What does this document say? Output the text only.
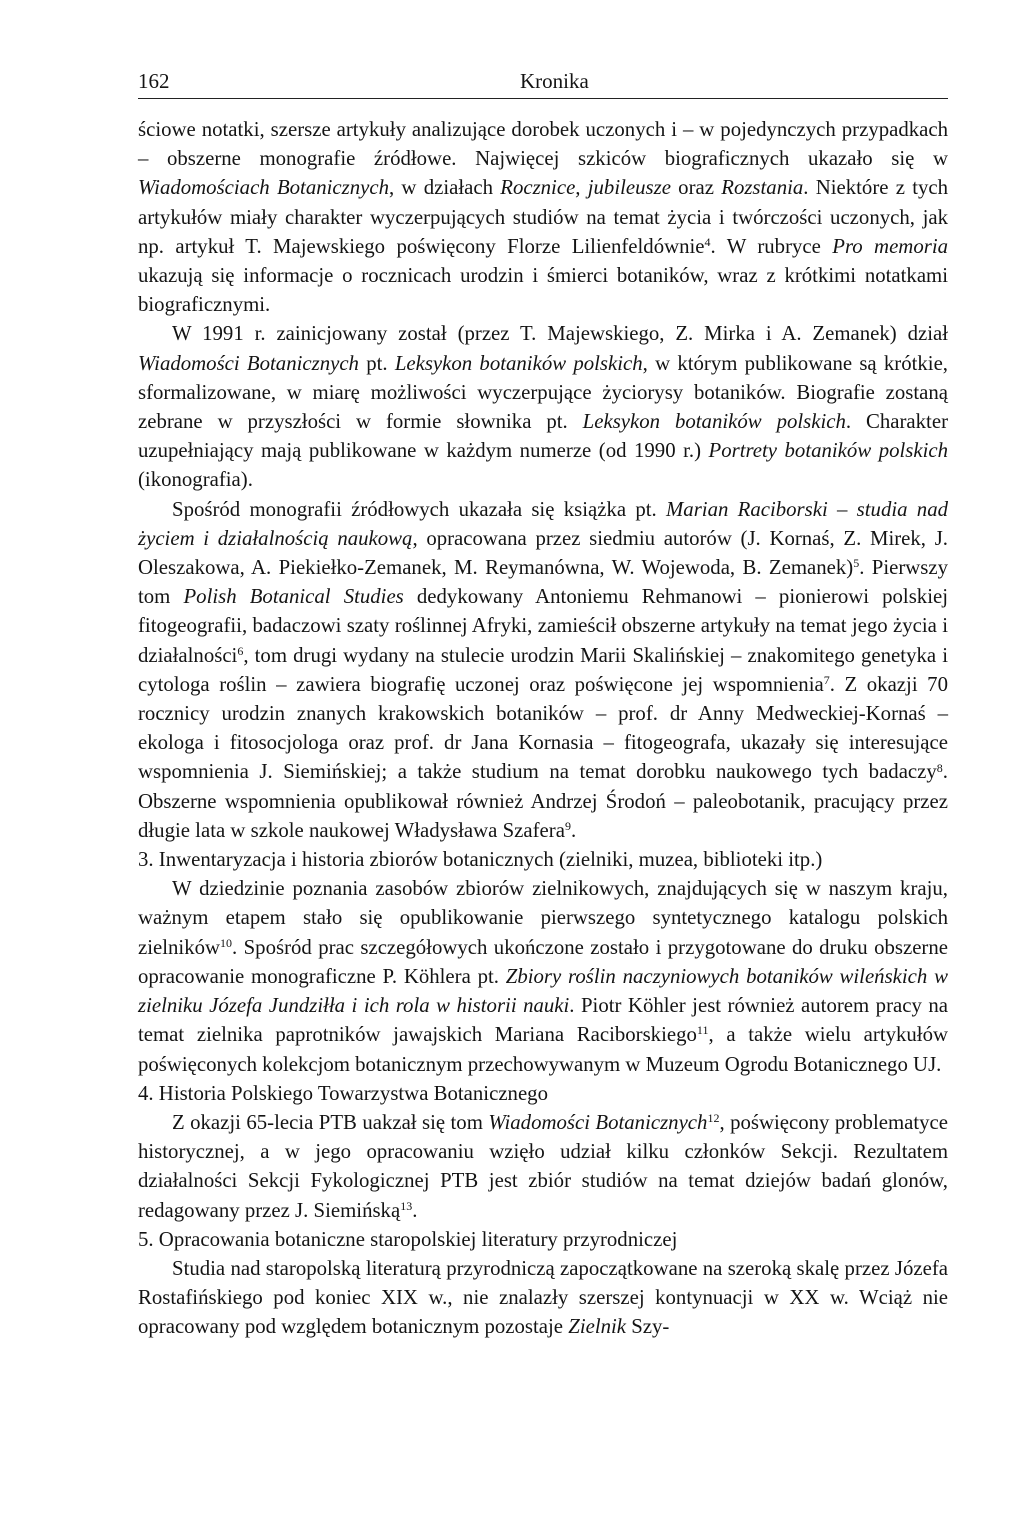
162	Kronika

ściowe notatki, szersze artykuły analizujące dorobek uczonych i – w pojedynczych przypadkach – obszerne monografie źródłowe. Najwięcej szkiców biograficznych ukazało się w Wiadomościach Botanicznych, w działach Rocznice, jubileusze oraz Rozstania. Niektóre z tych artykułów miały charakter wyczerpujących studiów na temat życia i twórczości uczonych, jak np. artykuł T. Majewskiego poświęcony Florze Lilienfeldównie$^4$. W rubryce Pro memoria ukazują się informacje o rocznicach urodzin i śmierci botaników, wraz z krótkimi notatkami biograficznymi.

W 1991 r. zainicjowany został (przez T. Majewskiego, Z. Mirka i A. Zemanek) dział Wiadomości Botanicznych pt. Leksykon botaników polskich, w którym publikowane są krótkie, sformalizowane, w miarę możliwości wyczerpujące życiorysy botaników. Biografie zostaną zebrane w przyszłości w formie słownika pt. Leksykon botaników polskich. Charakter uzupełniający mają publikowane w każdym numerze (od 1990 r.) Portrety botaników polskich (ikonografia).

Spośród monografii źródłowych ukazała się książka pt. Marian Raciborski – studia nad życiem i działalnością naukową, opracowana przez siedmiu autorów (J. Kornaś, Z. Mirek, J. Oleszakowa, A. Piekiełko-Zemanek, M. Reymanówna, W. Wojewoda, B. Zemanek)$^5$. Pierwszy tom Polish Botanical Studies dedykowany Antoniemu Rehmanowi – pionierowi polskiej fitogeografii, badaczowi szaty roślinnej Afryki, zamieścił obszerne artykuły na temat jego życia i działalności$^6$, tom drugi wydany na stulecie urodzin Marii Skalińskiej – znakomitego genetyka i cytologa roślin – zawiera biografię uczonej oraz poświęcone jej wspomnienia$^7$. Z okazji 70 rocznicy urodzin znanych krakowskich botaników – prof. dr Anny Medweckiej-Kornaś – ekologa i fitosocjologa oraz prof. dr Jana Kornasia – fitogeografa, ukazały się interesujące wspomnienia J. Siemińskiej; a także studium na temat dorobku naukowego tych badaczy$^8$. Obszerne wspomnienia opublikował również Andrzej Środoń – paleobotanik, pracujący przez długie lata w szkole naukowej Władysława Szafera$^9$.

3. Inwentaryzacja i historia zbiorów botanicznych (zielniki, muzea, biblioteki itp.)

W dziedzinie poznania zasobów zbiorów zielnikowych, znajdujących się w naszym kraju, ważnym etapem stało się opublikowanie pierwszego syntetycznego katalogu polskich zielników$^{10}$. Spośród prac szczegółowych ukończone zostało i przygotowane do druku obszerne opracowanie monograficzne P. Köhlera pt. Zbiory roślin naczyniowych botaników wileńskich w zielniku Józefa Jundziłła i ich rola w historii nauki. Piotr Köhler jest również autorem pracy na temat zielnika paprotników jawajskich Mariana Raciborskiego$^{11}$, a także wielu artykułów poświęconych kolekcjom botanicznym przechowywanym w Muzeum Ogrodu Botanicznego UJ.

4. Historia Polskiego Towarzystwa Botanicznego

Z okazji 65-lecia PTB uakzał się tom Wiadomości Botanicznych$^{12}$, poświęcony problematyce historycznej, a w jego opracowaniu wzięło udział kilku członków Sekcji. Rezultatem działalności Sekcji Fykologicznej PTB jest zbiór studiów na temat dziejów badań glonów, redagowany przez J. Siemińską$^{13}$.

5. Opracowania botaniczne staropolskiej literatury przyrodniczej

Studia nad staropolską literaturą przyrodniczą zapoczątkowane na szeroką skalę przez Józefa Rostafińskiego pod koniec XIX w., nie znalazły szerszej kontynuacji w XX w. Wciąż nie opracowany pod względem botanicznym pozostaje Zielnik Szy-
